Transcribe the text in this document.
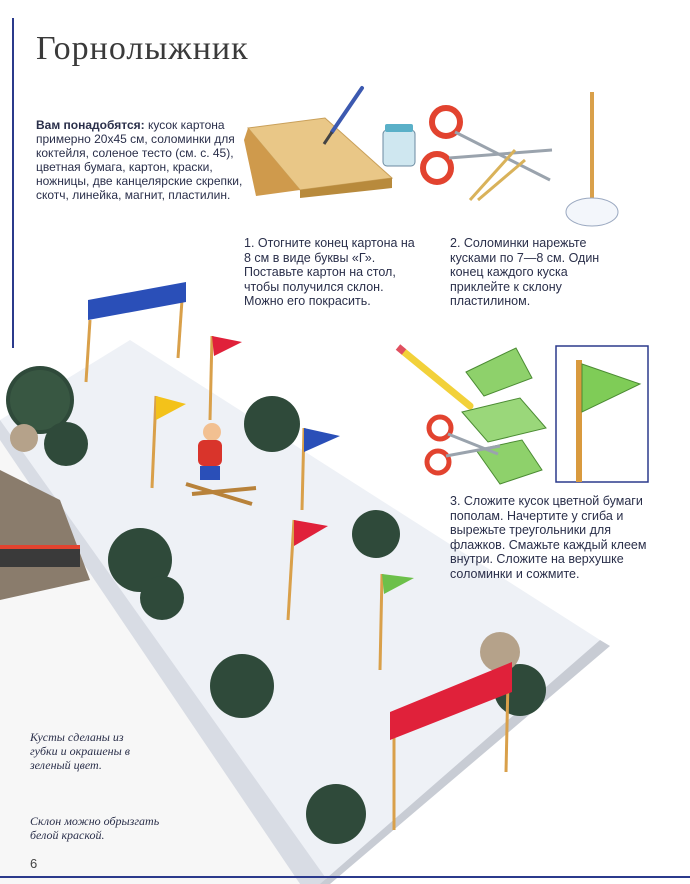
Горнолыжник
Вам понадобятся: кусок картона примерно 20х45 см, соломинки для коктейля, соленое тесто (см. с. 45), цветная бумага, картон, краски, ножницы, две канцелярские скрепки, скотч, линейка, магнит, пластилин.
1. Отогните конец картона на 8 см в виде буквы «Г». Поставьте картон на стол, чтобы получился склон. Можно его покрасить.
2. Соломинки нарежьте кусками по 7—8 см. Один конец каждого куска приклейте к склону пластилином.
3. Сложите кусок цветной бумаги пополам. Начертите у сгиба и вырежьте треугольники для флажков. Смажьте каждый клеем внутри. Сложите на верхушке соломинки и сожмите.
Кусты сделаны из губки и окрашены в зеленый цвет.
Склон можно обрызгать белой краской.
6
